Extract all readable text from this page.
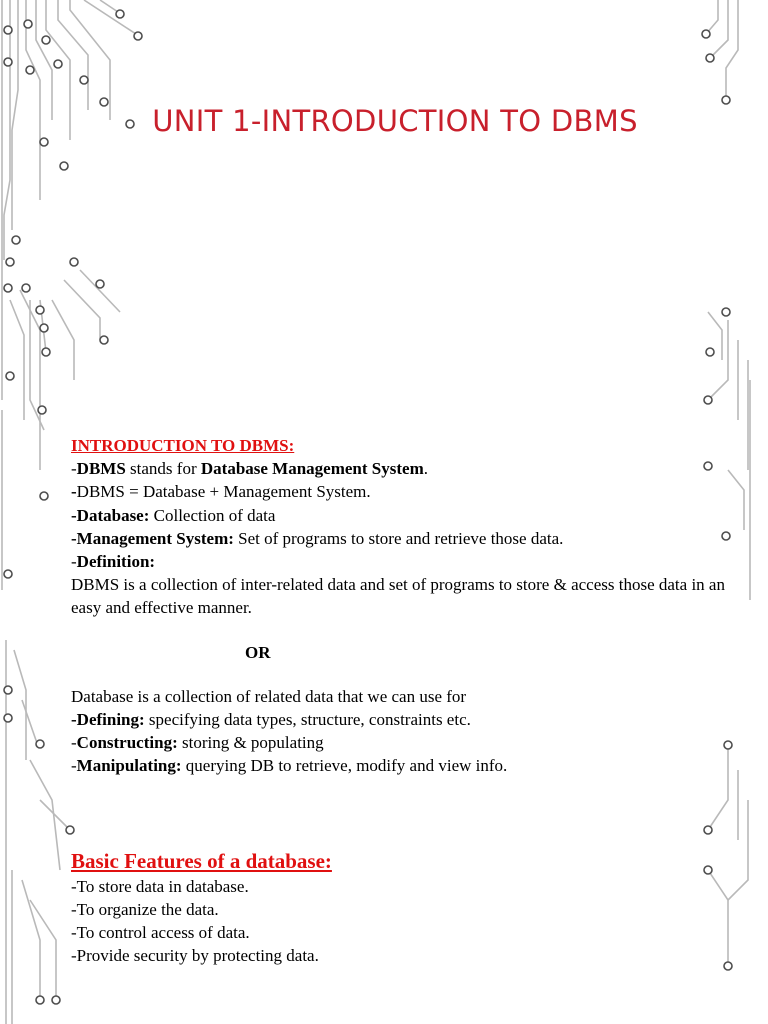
UNIT 1-INTRODUCTION TO DBMS

INTRODUCTION TO DBMS:

-DBMS stands for Database Management System.

-DBMS = Database + Management System.

-Database: Collection of data

-Management System: Set of programs to store and retrieve those data.

-Definition:

DBMS is a collection of inter-related data and set of programs to store & access those data in an easy and effective manner.

OR

Database is a collection of related data that we can use for

-Defining: specifying data types, structure, constraints etc.

-Constructing: storing & populating

-Manipulating: querying DB to retrieve, modify and view info.

Basic Features of a database:

-To store data in database.

-To organize the data.

-To control access of data.

-Provide security by protecting data.
